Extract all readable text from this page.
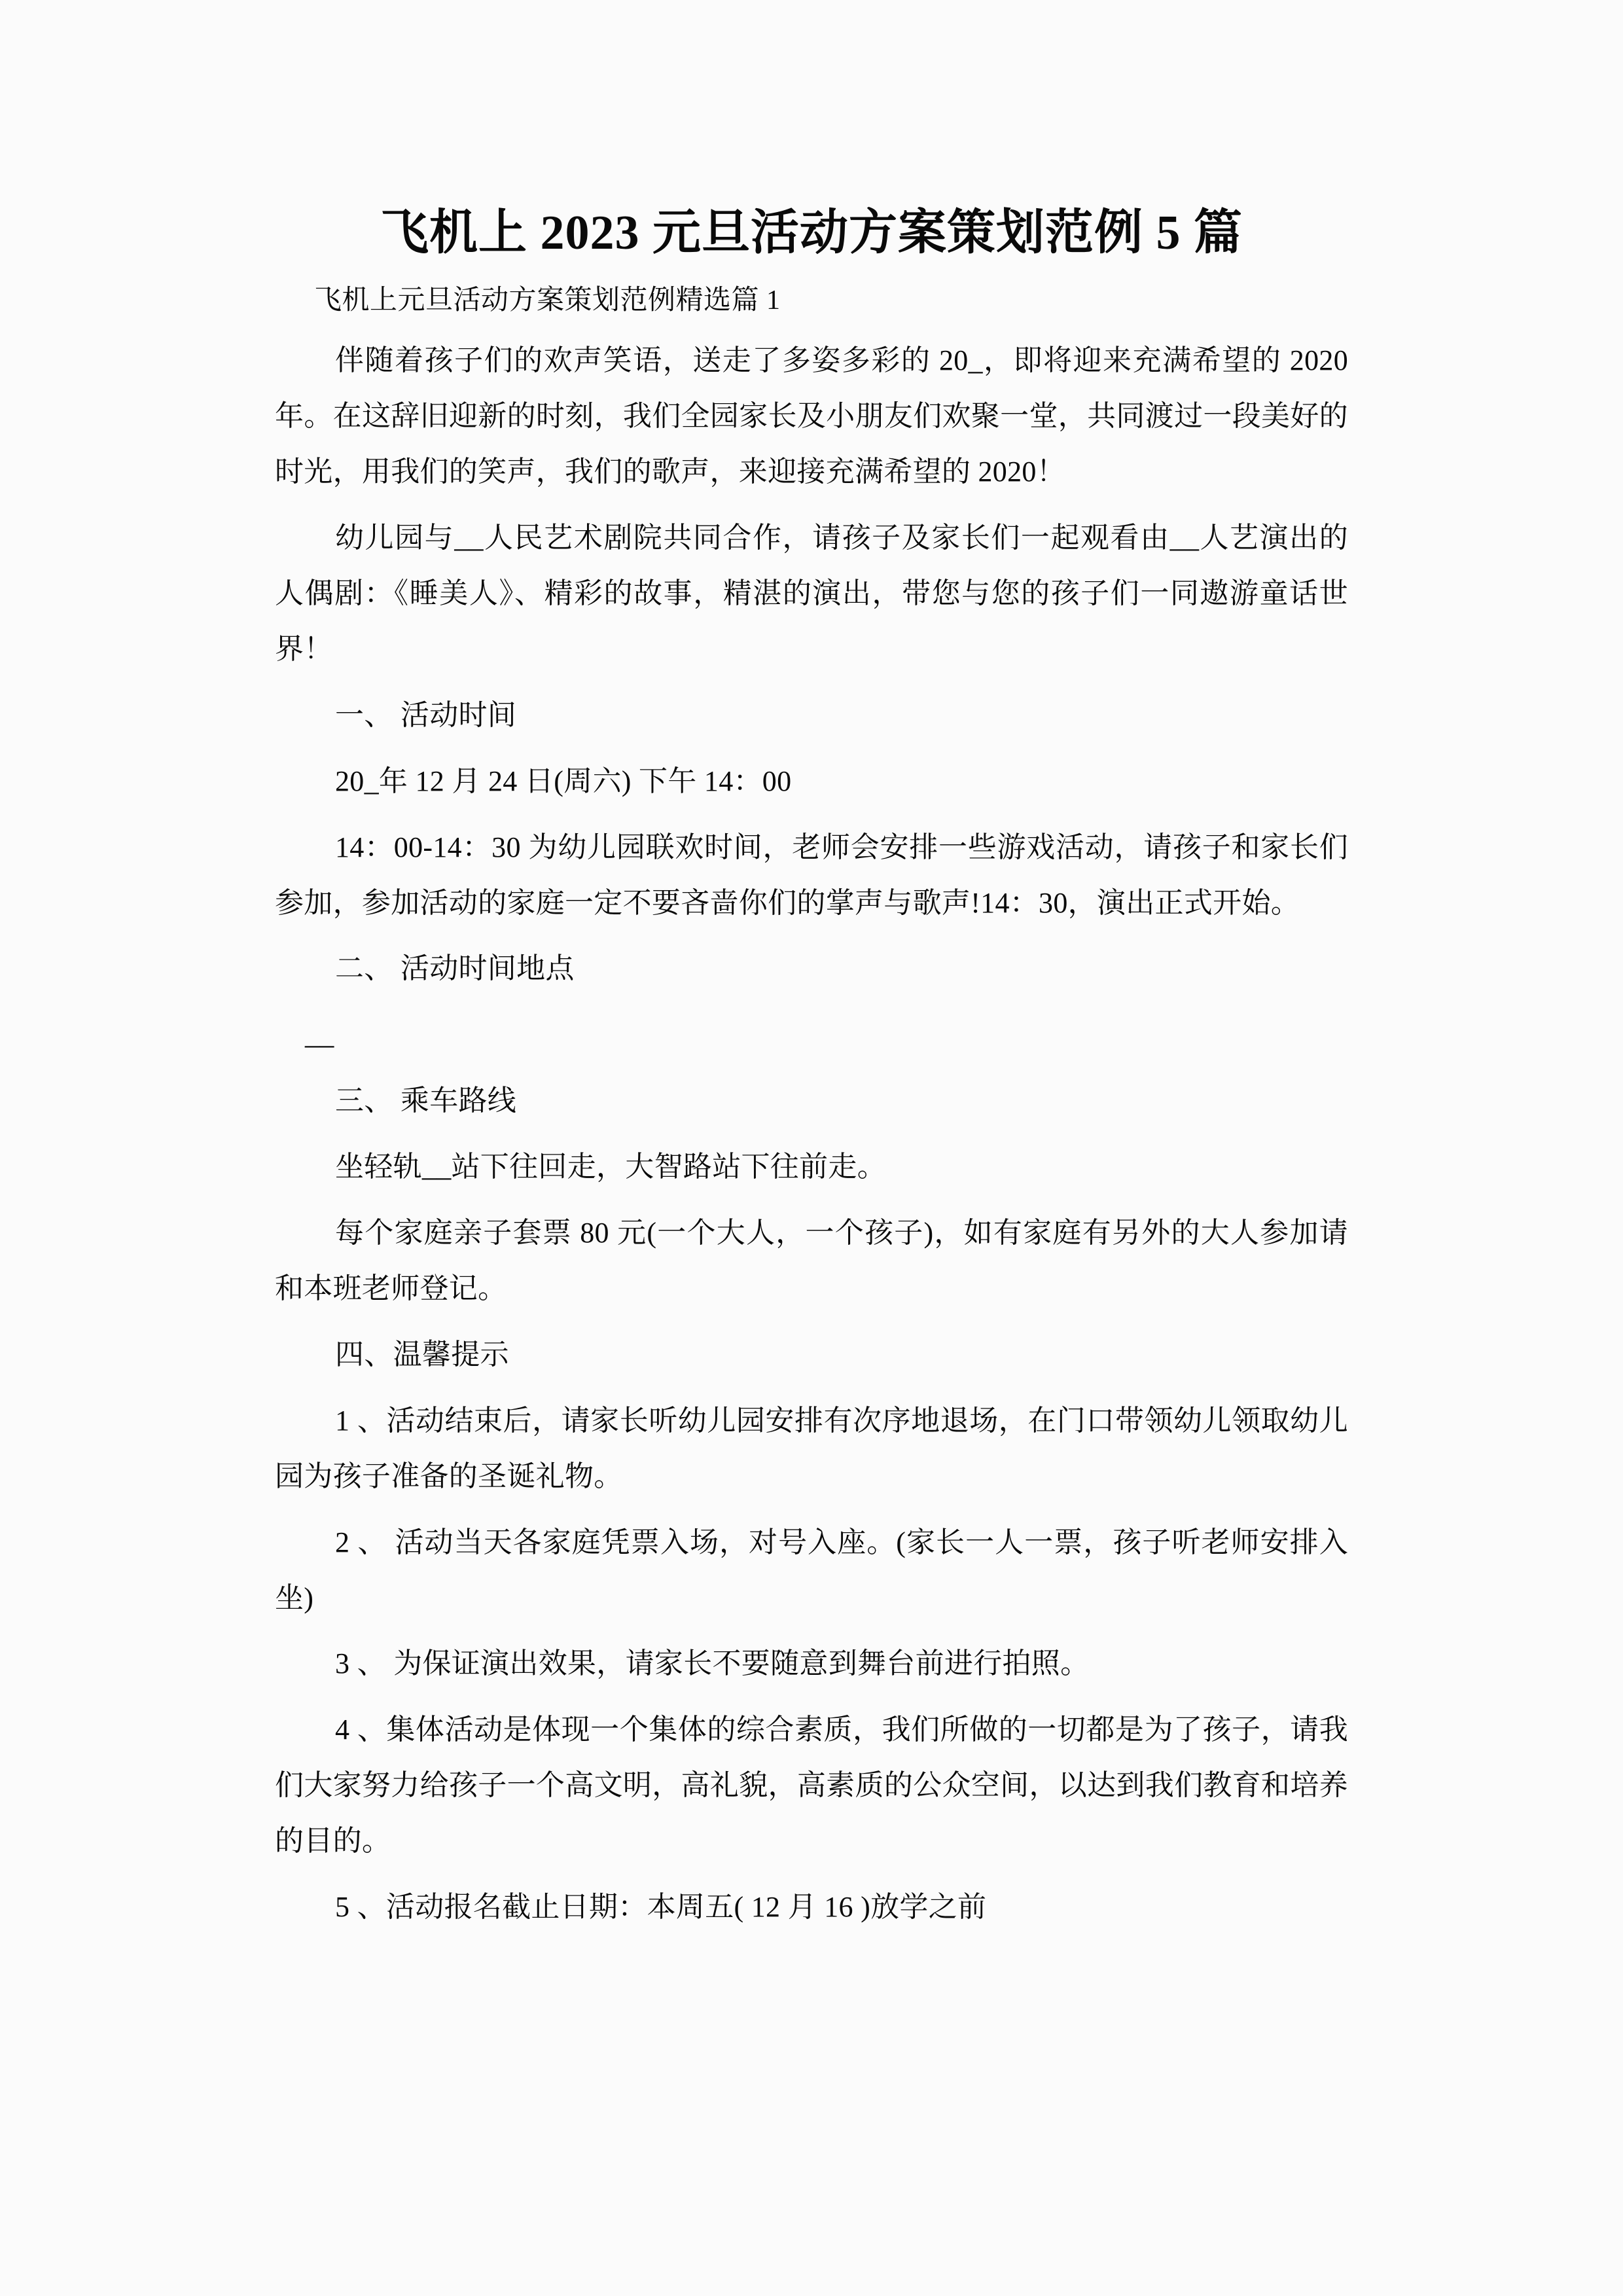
飞机上 2023 元旦活动方案策划范例 5 篇
飞机上元旦活动方案策划范例精选篇 1

伴随着孩子们的欢声笑语，送走了多姿多彩的 20_，即将迎来充满希望的 2020 年。在这辞旧迎新的时刻，我们全园家长及小朋友们欢聚一堂，共同渡过一段美好的时光，用我们的笑声，我们的歌声，来迎接充满希望的 2020！

幼儿园与__人民艺术剧院共同合作，请孩子及家长们一起观看由__人艺演出的人偶剧：《睡美人》、精彩的故事，精湛的演出，带您与您的孩子们一同遨游童话世界！

一、 活动时间

20_年 12 月 24 日(周六) 下午 14：00

14：00-14：30 为幼儿园联欢时间，老师会安排一些游戏活动，请孩子和家长们参加，参加活动的家庭一定不要吝啬你们的掌声与歌声!14：30，演出正式开始。

二、 活动时间地点

__

三、 乘车路线

坐轻轨__站下往回走，大智路站下往前走。

每个家庭亲子套票 80 元(一个大人，一个孩子)，如有家庭有另外的大人参加请和本班老师登记。

四、温馨提示

1 、活动结束后，请家长听幼儿园安排有次序地退场，在门口带领幼儿领取幼儿园为孩子准备的圣诞礼物。

2 、 活动当天各家庭凭票入场，对号入座。(家长一人一票，孩子听老师安排入坐)

3 、 为保证演出效果，请家长不要随意到舞台前进行拍照。

4 、集体活动是体现一个集体的综合素质，我们所做的一切都是为了孩子，请我们大家努力给孩子一个高文明，高礼貌，高素质的公众空间，以达到我们教育和培养的目的。

5 、活动报名截止日期：本周五( 12 月 16 )放学之前
